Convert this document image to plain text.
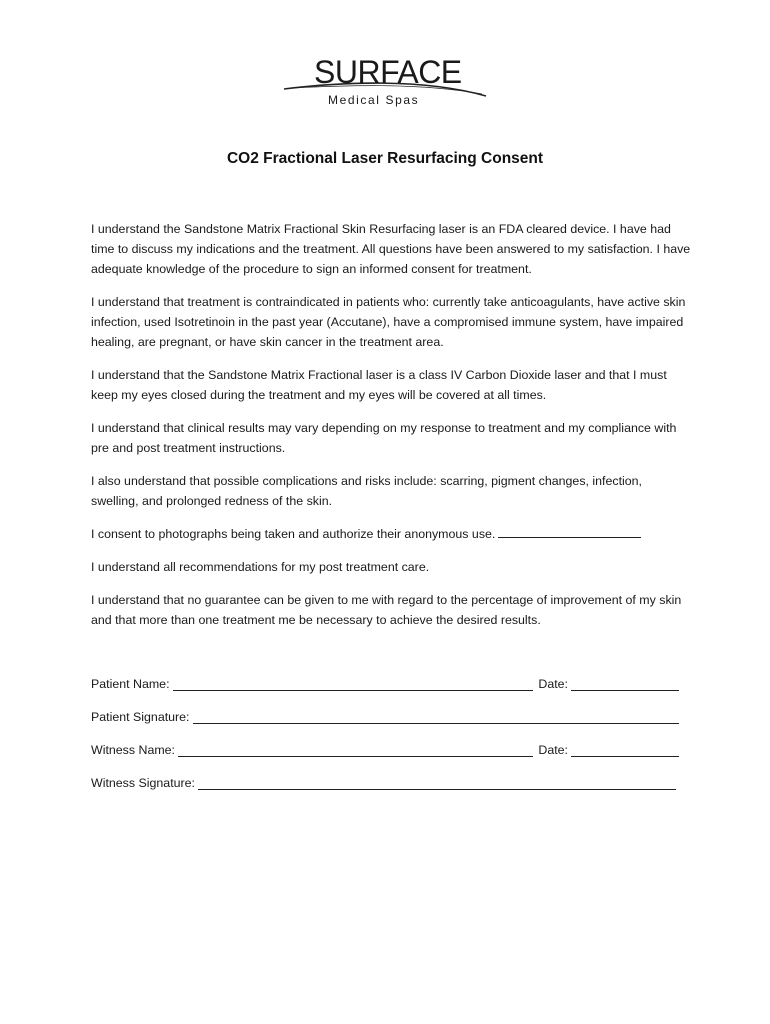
SURFACE
Medical Spas
CO2 Fractional Laser Resurfacing Consent

I understand the Sandstone Matrix Fractional Skin Resurfacing laser is an FDA cleared device. I have had time to discuss my indications and the treatment. All questions have been answered to my satisfaction. I have adequate knowledge of the procedure to sign an informed consent for treatment.

I understand that treatment is contraindicated in patients who: currently take anticoagulants, have active skin infection, used Isotretinoin in the past year (Accutane), have a compromised immune system, have impaired healing, are pregnant, or have skin cancer in the treatment area.

I understand that the Sandstone Matrix Fractional laser is a class IV Carbon Dioxide laser and that I must keep my eyes closed during the treatment and my eyes will be covered at all times.

I understand that clinical results may vary depending on my response to treatment and my compliance with pre and post treatment instructions.

I also understand that possible complications and risks include: scarring, pigment changes, infection, swelling, and prolonged redness of the skin.

I consent to photographs being taken and authorize their anonymous use.

I understand all recommendations for my post treatment care.

I understand that no guarantee can be given to me with regard to the percentage of improvement of my skin and that more than one treatment me be necessary to achieve the desired results.

Patient Name:	Date:
Patient Signature:
Witness Name:	Date:
Witness Signature:
